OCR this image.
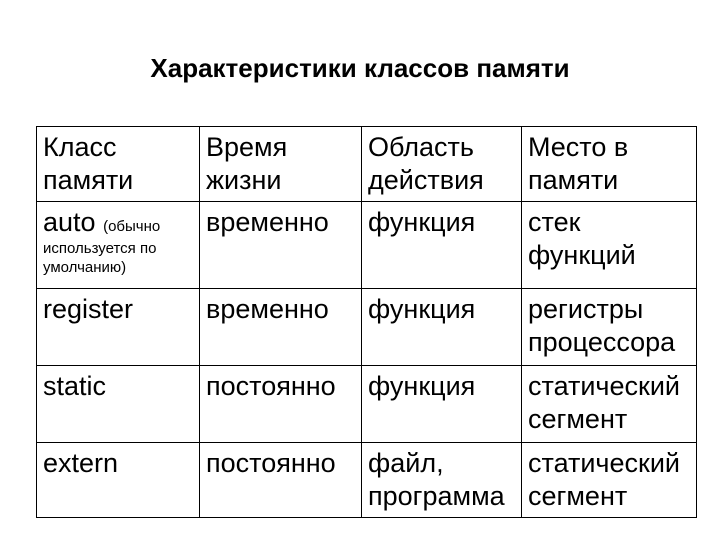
Характеристики классов памяти
Класс
памяти	Время
жизни	Область
действия	Место в
памяти

auto (обычно
используется по
умолчанию)	временно	функция	стек
функций

register	временно	функция	регистры
процессора

static	постоянно	функция	статический
сегмент

extern	постоянно	файл,
программа	статический
сегмент
